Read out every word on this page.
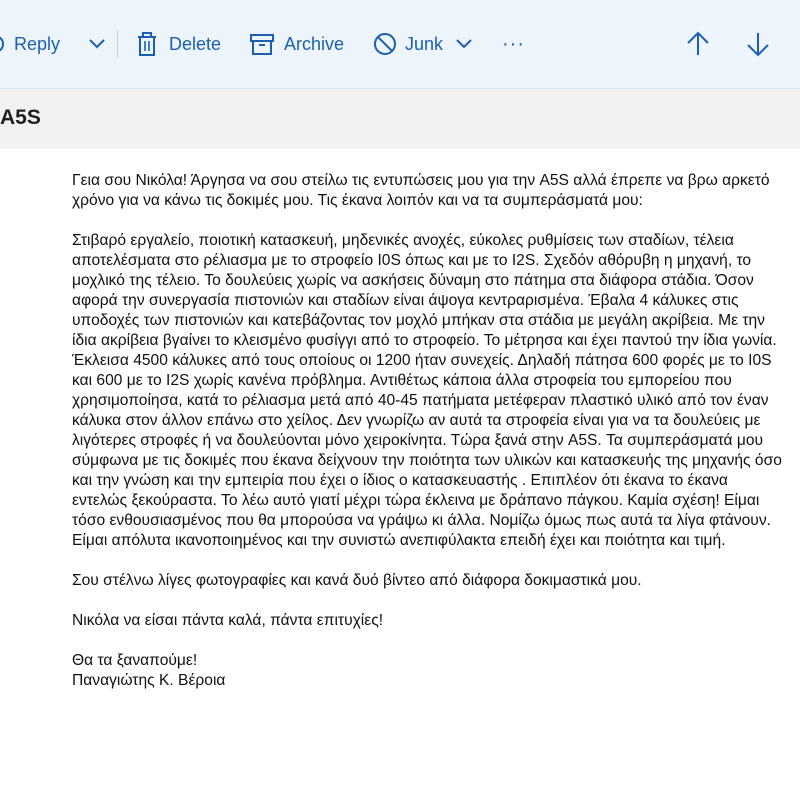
Reply	Delete	Archive	Junk	···
A5S

Γεια σου Νικόλα! Άργησα να σου στείλω τις εντυπώσεις μου για την A5S αλλά έπρεπε να βρω αρκετό χρόνο για να κάνω τις δοκιμές μου. Τις έκανα λοιπόν και να τα συμπεράσματά μου:

Στιβαρό εργαλείο, ποιοτική κατασκευή, μηδενικές ανοχές, εύκολες ρυθμίσεις των σταδίων, τέλεια αποτελέσματα στο ρέλιασμα με το στροφείο I0S όπως και με το I2S. Σχεδόν αθόρυβη η μηχανή, το μοχλικό της τέλειο. Το δουλεύεις χωρίς να ασκήσεις δύναμη στο πάτημα στα διάφορα στάδια. Όσον αφορά την συνεργασία πιστονιών και σταδίων είναι άψογα κεντραρισμένα. Έβαλα 4 κάλυκες στις υποδοχές των πιστονιών και κατεβάζοντας τον μοχλό μπήκαν στα στάδια με μεγάλη ακρίβεια. Με την ίδια ακρίβεια βγαίνει το κλεισμένο φυσίγγι από το στροφείο. Το μέτρησα και έχει παντού την ίδια γωνία. Έκλεισα 4500 κάλυκες από τους οποίους οι 1200 ήταν συνεχείς. Δηλαδή πάτησα 600 φορές με το I0S και 600 με το I2S χωρίς κανένα πρόβλημα. Αντιθέτως κάποια άλλα στροφεία του εμπορείου που χρησιμοποίησα, κατά το ρέλιασμα μετά από 40-45 πατήματα μετέφεραν πλαστικό υλικό από τον έναν κάλυκα στον άλλον επάνω στο χείλος. Δεν γνωρίζω αν αυτά τα στροφεία είναι για να τα δουλεύεις με λιγότερες στροφές ή να δουλεύονται μόνο χειροκίνητα. Τώρα ξανά στην A5S. Τα συμπεράσματά μου σύμφωνα με τις δοκιμές που έκανα δείχνουν την ποιότητα των υλικών και κατασκευής της μηχανής όσο και την γνώση και την εμπειρία που έχει ο ίδιος ο κατασκευαστής . Επιπλέον ότι έκανα το έκανα εντελώς ξεκούραστα. Το λέω αυτό γιατί μέχρι τώρα έκλεινα με δράπανο πάγκου. Καμία σχέση! Είμαι τόσο ενθουσιασμένος που θα μπορούσα να γράψω κι άλλα. Νομίζω όμως πως αυτά τα λίγα φτάνουν. Είμαι απόλυτα ικανοποιημένος και την συνιστώ ανεπιφύλακτα επειδή έχει και ποιότητα και τιμή.

Σου στέλνω λίγες φωτογραφίες και κανά δυό βίντεο από διάφορα δοκιμαστικά μου.

Νικόλα να είσαι πάντα καλά, πάντα επιτυχίες!

Θα τα ξαναπούμε!

Παναγιώτης Κ. Βέροια
